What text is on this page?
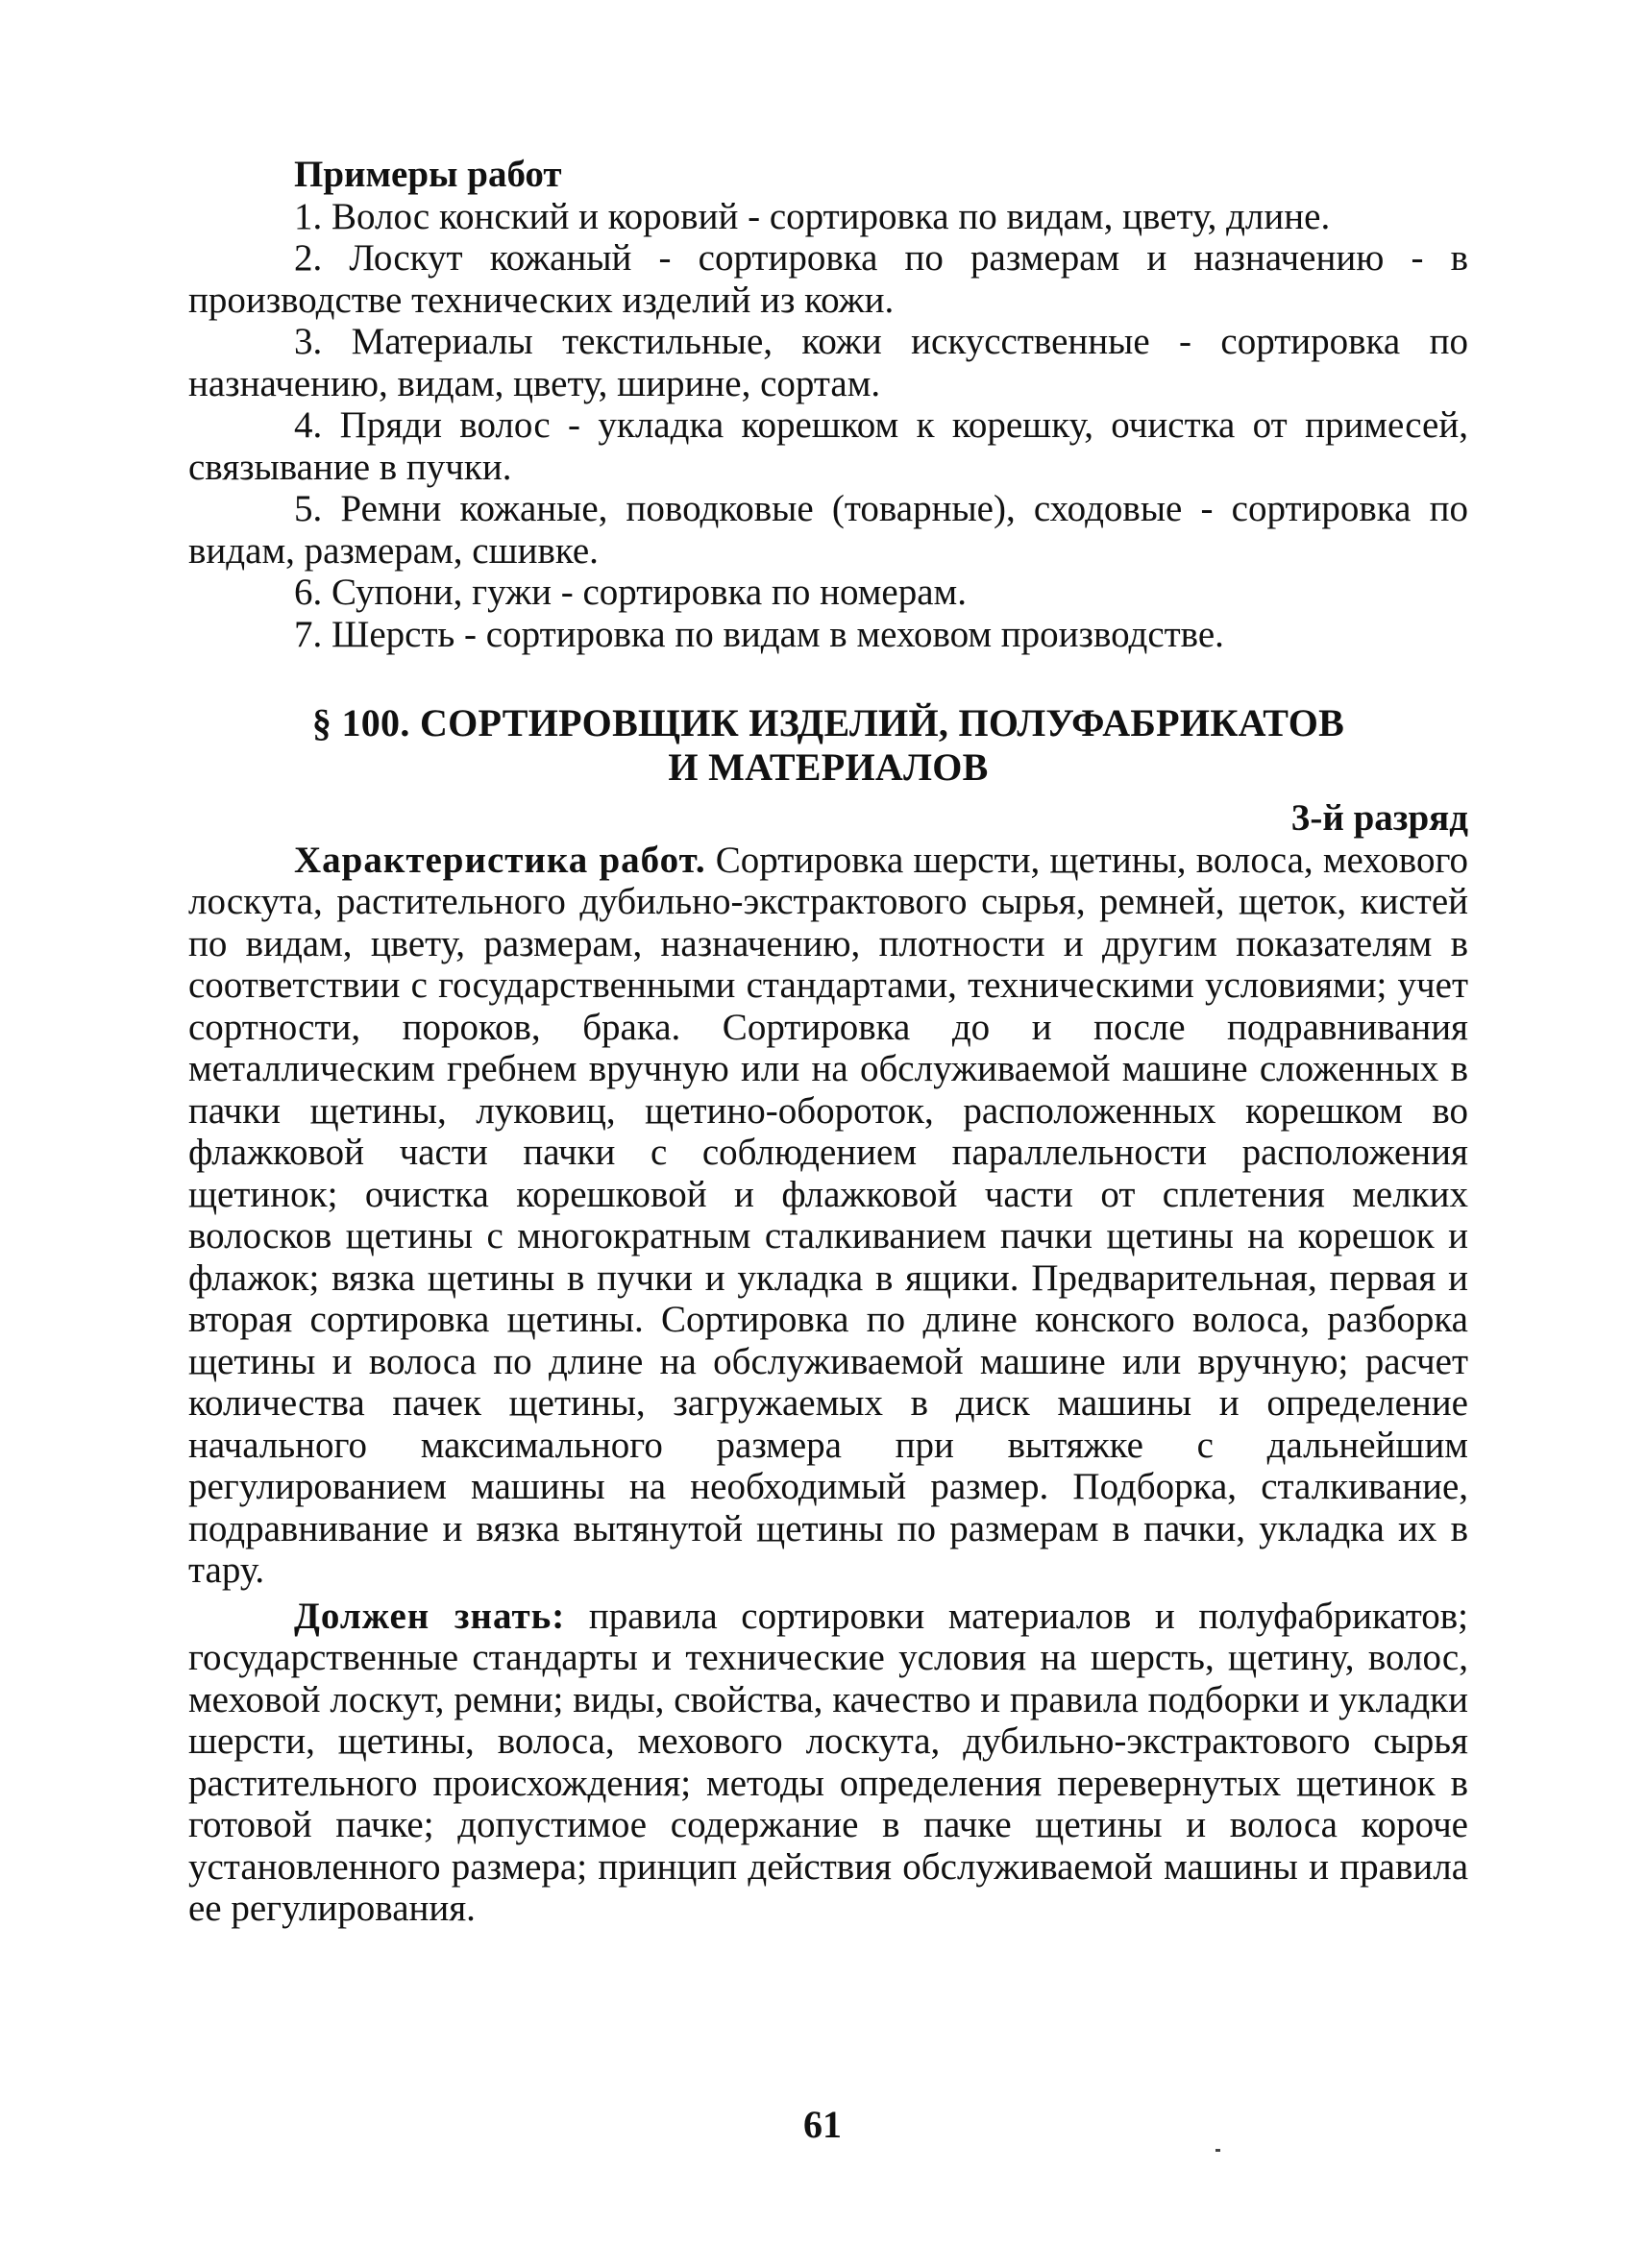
Примеры работ

1. Волос конский и коровий - сортировка по видам, цвету, длине.

2. Лоскут кожаный - сортировка по размерам и назначению - в производстве технических изделий из кожи.

3. Материалы текстильные, кожи искусственные - сортировка по назначению, видам, цвету, ширине, сортам.

4. Пряди волос - укладка корешком к корешку, очистка от примесей, связывание в пучки.

5. Ремни кожаные, поводковые (товарные), сходовые - сортировка по видам, размерам, сшивке.

6. Супони, гужи - сортировка по номерам.

7. Шерсть - сортировка по видам в меховом производстве.

§ 100. СОРТИРОВЩИК ИЗДЕЛИЙ, ПОЛУФАБРИКАТОВ
И МАТЕРИАЛОВ

3-й разряд

Характеристика работ. Сортировка шерсти, щетины, волоса, мехового лоскута, растительного дубильно-экстрактового сырья, ремней, щеток, кистей по видам, цвету, размерам, назначению, плотности и другим показателям в соответствии с государственными стандартами, техническими условиями; учет сортности, пороков, брака. Сортировка до и после подравнивания металлическим гребнем вручную или на обслуживаемой машине сложенных в пачки щетины, луковиц, щетино-обороток, расположенных корешком во флажковой части пачки с соблюдением параллельности расположения щетинок; очистка корешковой и флажковой части от сплетения мелких волосков щетины с многократным сталкиванием пачки щетины на корешок и флажок; вязка щетины в пучки и укладка в ящики. Предварительная, первая и вторая сортировка щетины. Сортировка по длине конского волоса, разборка щетины и волоса по длине на обслуживаемой машине или вручную; расчет количества пачек щетины, загружаемых в диск машины и определение начального максимального размера при вытяжке с дальнейшим регулированием машины на необходимый размер. Подборка, сталкивание, подравнивание и вязка вытянутой щетины по размерам в пачки, укладка их в тару.

Должен знать: правила сортировки материалов и полуфабрикатов; государственные стандарты и технические условия на шерсть, щетину, волос, меховой лоскут, ремни; виды, свойства, качество и правила подборки и укладки шерсти, щетины, волоса, мехового лоскута, дубильно-экстрактового сырья растительного происхождения; методы определения перевернутых щетинок в готовой пачке; допустимое содержание в пачке щетины и волоса короче установленного размера; принцип действия обслуживаемой машины и правила ее регулирования.

61
